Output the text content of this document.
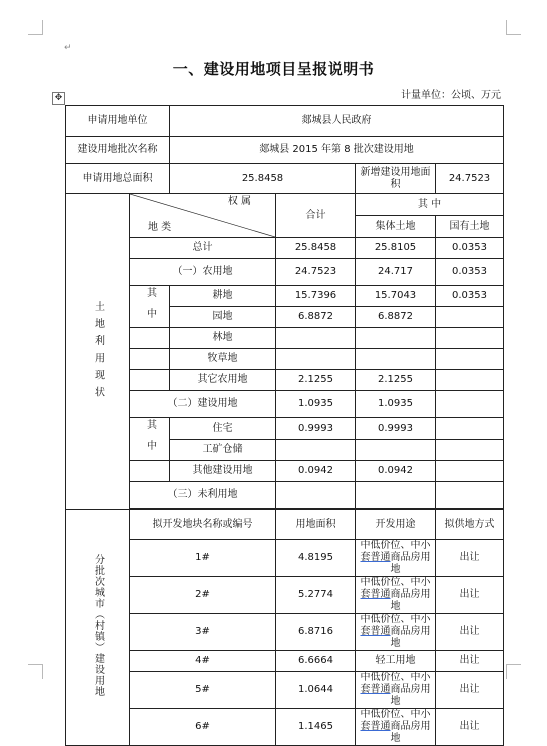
↵
一、建设用地项目呈报说明书
计量单位：公顷、万元
✥
申请用地单位		郯城县人民政府			
建设用地批次名称		郯城县 2015 年第 8 批次建设用地			
申请用地总面积		25.8458		新增建设用地面积	24.7523
土 地 利 用 现 状	权 属
地 类		合计	其 中	
				集体土地	国有土地
	总计		25.8458	25.8105	0.0353
	（一）农用地		24.7523	24.717	0.0353
	其 中	耕地	15.7396	15.7043	0.0353
		园地	6.8872	6.8872	
		林地			
		牧草地			
		其它农用地	2.1255	2.1255	
	（二）建设用地		1.0935	1.0935	
	其 中	住宅	0.9993	0.9993	
		工矿仓储			
		其他建设用地	0.0942	0.0942	
	（三）未利用地				

分批次城市（村镇）建设用地	拟开发地块名称或编号		用地面积	开发用途	拟供地方式
	1#		4.8195	中低价位、中小套普通商品房用地	出让
	2#		5.2774	中低价位、中小套普通商品房用地	出让
	3#		6.8716	中低价位、中小套普通商品房用地	出让
	4#		6.6664	轻工用地	出让
	5#		1.0644	中低价位、中小套普通商品房用地	出让
	6#		1.1465	中低价位、中小套普通商品房用地	出让
